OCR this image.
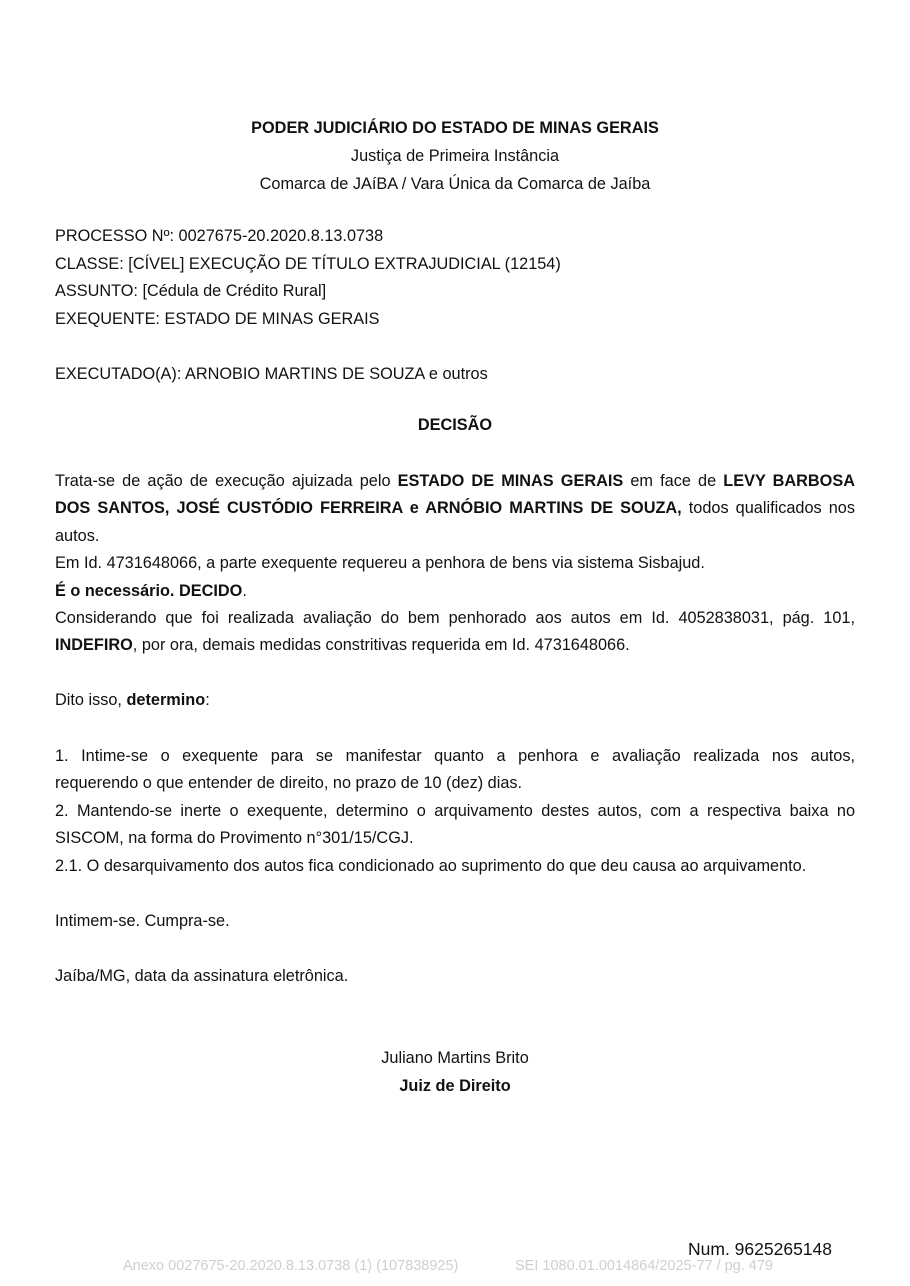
PODER JUDICIÁRIO DO ESTADO DE MINAS GERAIS
Justiça de Primeira Instância
Comarca de JAíBA / Vara Única da Comarca de Jaíba
PROCESSO Nº: 0027675-20.2020.8.13.0738
CLASSE: [CÍVEL] EXECUÇÃO DE TÍTULO EXTRAJUDICIAL (12154)
ASSUNTO: [Cédula de Crédito Rural]
EXEQUENTE: ESTADO DE MINAS GERAIS
EXECUTADO(A): ARNOBIO MARTINS DE SOUZA e outros
DECISÃO
Trata-se de ação de execução ajuizada pelo ESTADO DE MINAS GERAIS em face de LEVY BARBOSA
DOS SANTOS, JOSÉ CUSTÓDIO FERREIRA e ARNÓBIO MARTINS DE SOUZA, todos qualificados nos
autos.
Em Id. 4731648066, a parte exequente requereu a penhora de bens via sistema Sisbajud.
É o necessário. DECIDO.
Considerando que foi realizada avaliação do bem penhorado aos autos em Id. 4052838031, pág. 101,
INDEFIRO, por ora, demais medidas constritivas requerida em Id. 4731648066.
Dito isso, determino:
1. Intime-se o exequente para se manifestar quanto a penhora e avaliação realizada nos autos,
requerendo o que entender de direito, no prazo de 10 (dez) dias.
2. Mantendo-se inerte o exequente, determino o arquivamento destes autos, com a respectiva baixa no
SISCOM, na forma do Provimento n°301/15/CGJ.
2.1. O desarquivamento dos autos fica condicionado ao suprimento do que deu causa ao arquivamento.
Intimem-se. Cumpra-se.
Jaíba/MG, data da assinatura eletrônica.
Juliano Martins Brito
Juiz de Direito
Num. 9625265148
Anexo 0027675-20.2020.8.13.0738 (1) (107838925)	SEI 1080.01.0014864/2025-77 / pg. 479
